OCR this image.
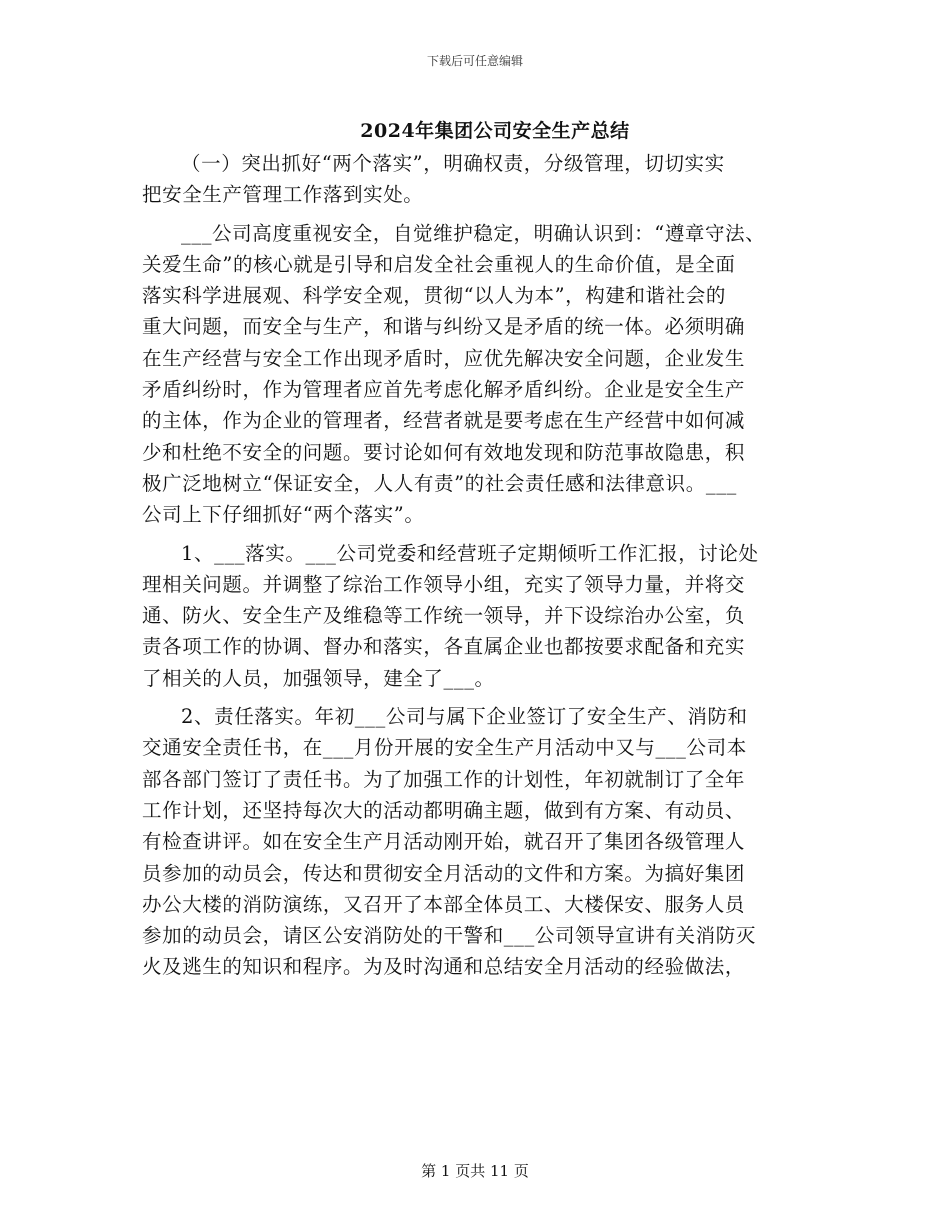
下载后可任意编辑
2024年集团公司安全生产总结
（一）突出抓好“两个落实”，明确权责，分级管理，切切实实
把安全生产管理工作落到实处。
___公司高度重视安全，自觉维护稳定，明确认识到：“遵章守法、
关爱生命”的核心就是引导和启发全社会重视人的生命价值，是全面
落实科学进展观、科学安全观，贯彻“以人为本”，构建和谐社会的
重大问题，而安全与生产，和谐与纠纷又是矛盾的统一体。必须明确
在生产经营与安全工作出现矛盾时，应优先解决安全问题，企业发生
矛盾纠纷时，作为管理者应首先考虑化解矛盾纠纷。企业是安全生产
的主体，作为企业的管理者，经营者就是要考虑在生产经营中如何减
少和杜绝不安全的问题。要讨论如何有效地发现和防范事故隐患，积
极广泛地树立“保证安全，人人有责”的社会责任感和法律意识。___
公司上下仔细抓好“两个落实”。
1、___落实。___公司党委和经营班子定期倾听工作汇报，讨论处
理相关问题。并调整了综治工作领导小组，充实了领导力量，并将交
通、防火、安全生产及维稳等工作统一领导，并下设综治办公室，负
责各项工作的协调、督办和落实，各直属企业也都按要求配备和充实
了相关的人员，加强领导，建全了___。
2、责任落实。年初___公司与属下企业签订了安全生产、消防和
交通安全责任书，在___月份开展的安全生产月活动中又与___公司本
部各部门签订了责任书。为了加强工作的计划性，年初就制订了全年
工作计划，还坚持每次大的活动都明确主题，做到有方案、有动员、
有检查讲评。如在安全生产月活动刚开始，就召开了集团各级管理人
员参加的动员会，传达和贯彻安全月活动的文件和方案。为搞好集团
办公大楼的消防演练，又召开了本部全体员工、大楼保安、服务人员
参加的动员会，请区公安消防处的干警和___公司领导宣讲有关消防灭
火及逃生的知识和程序。为及时沟通和总结安全月活动的经验做法，
第 1 页共 11 页
